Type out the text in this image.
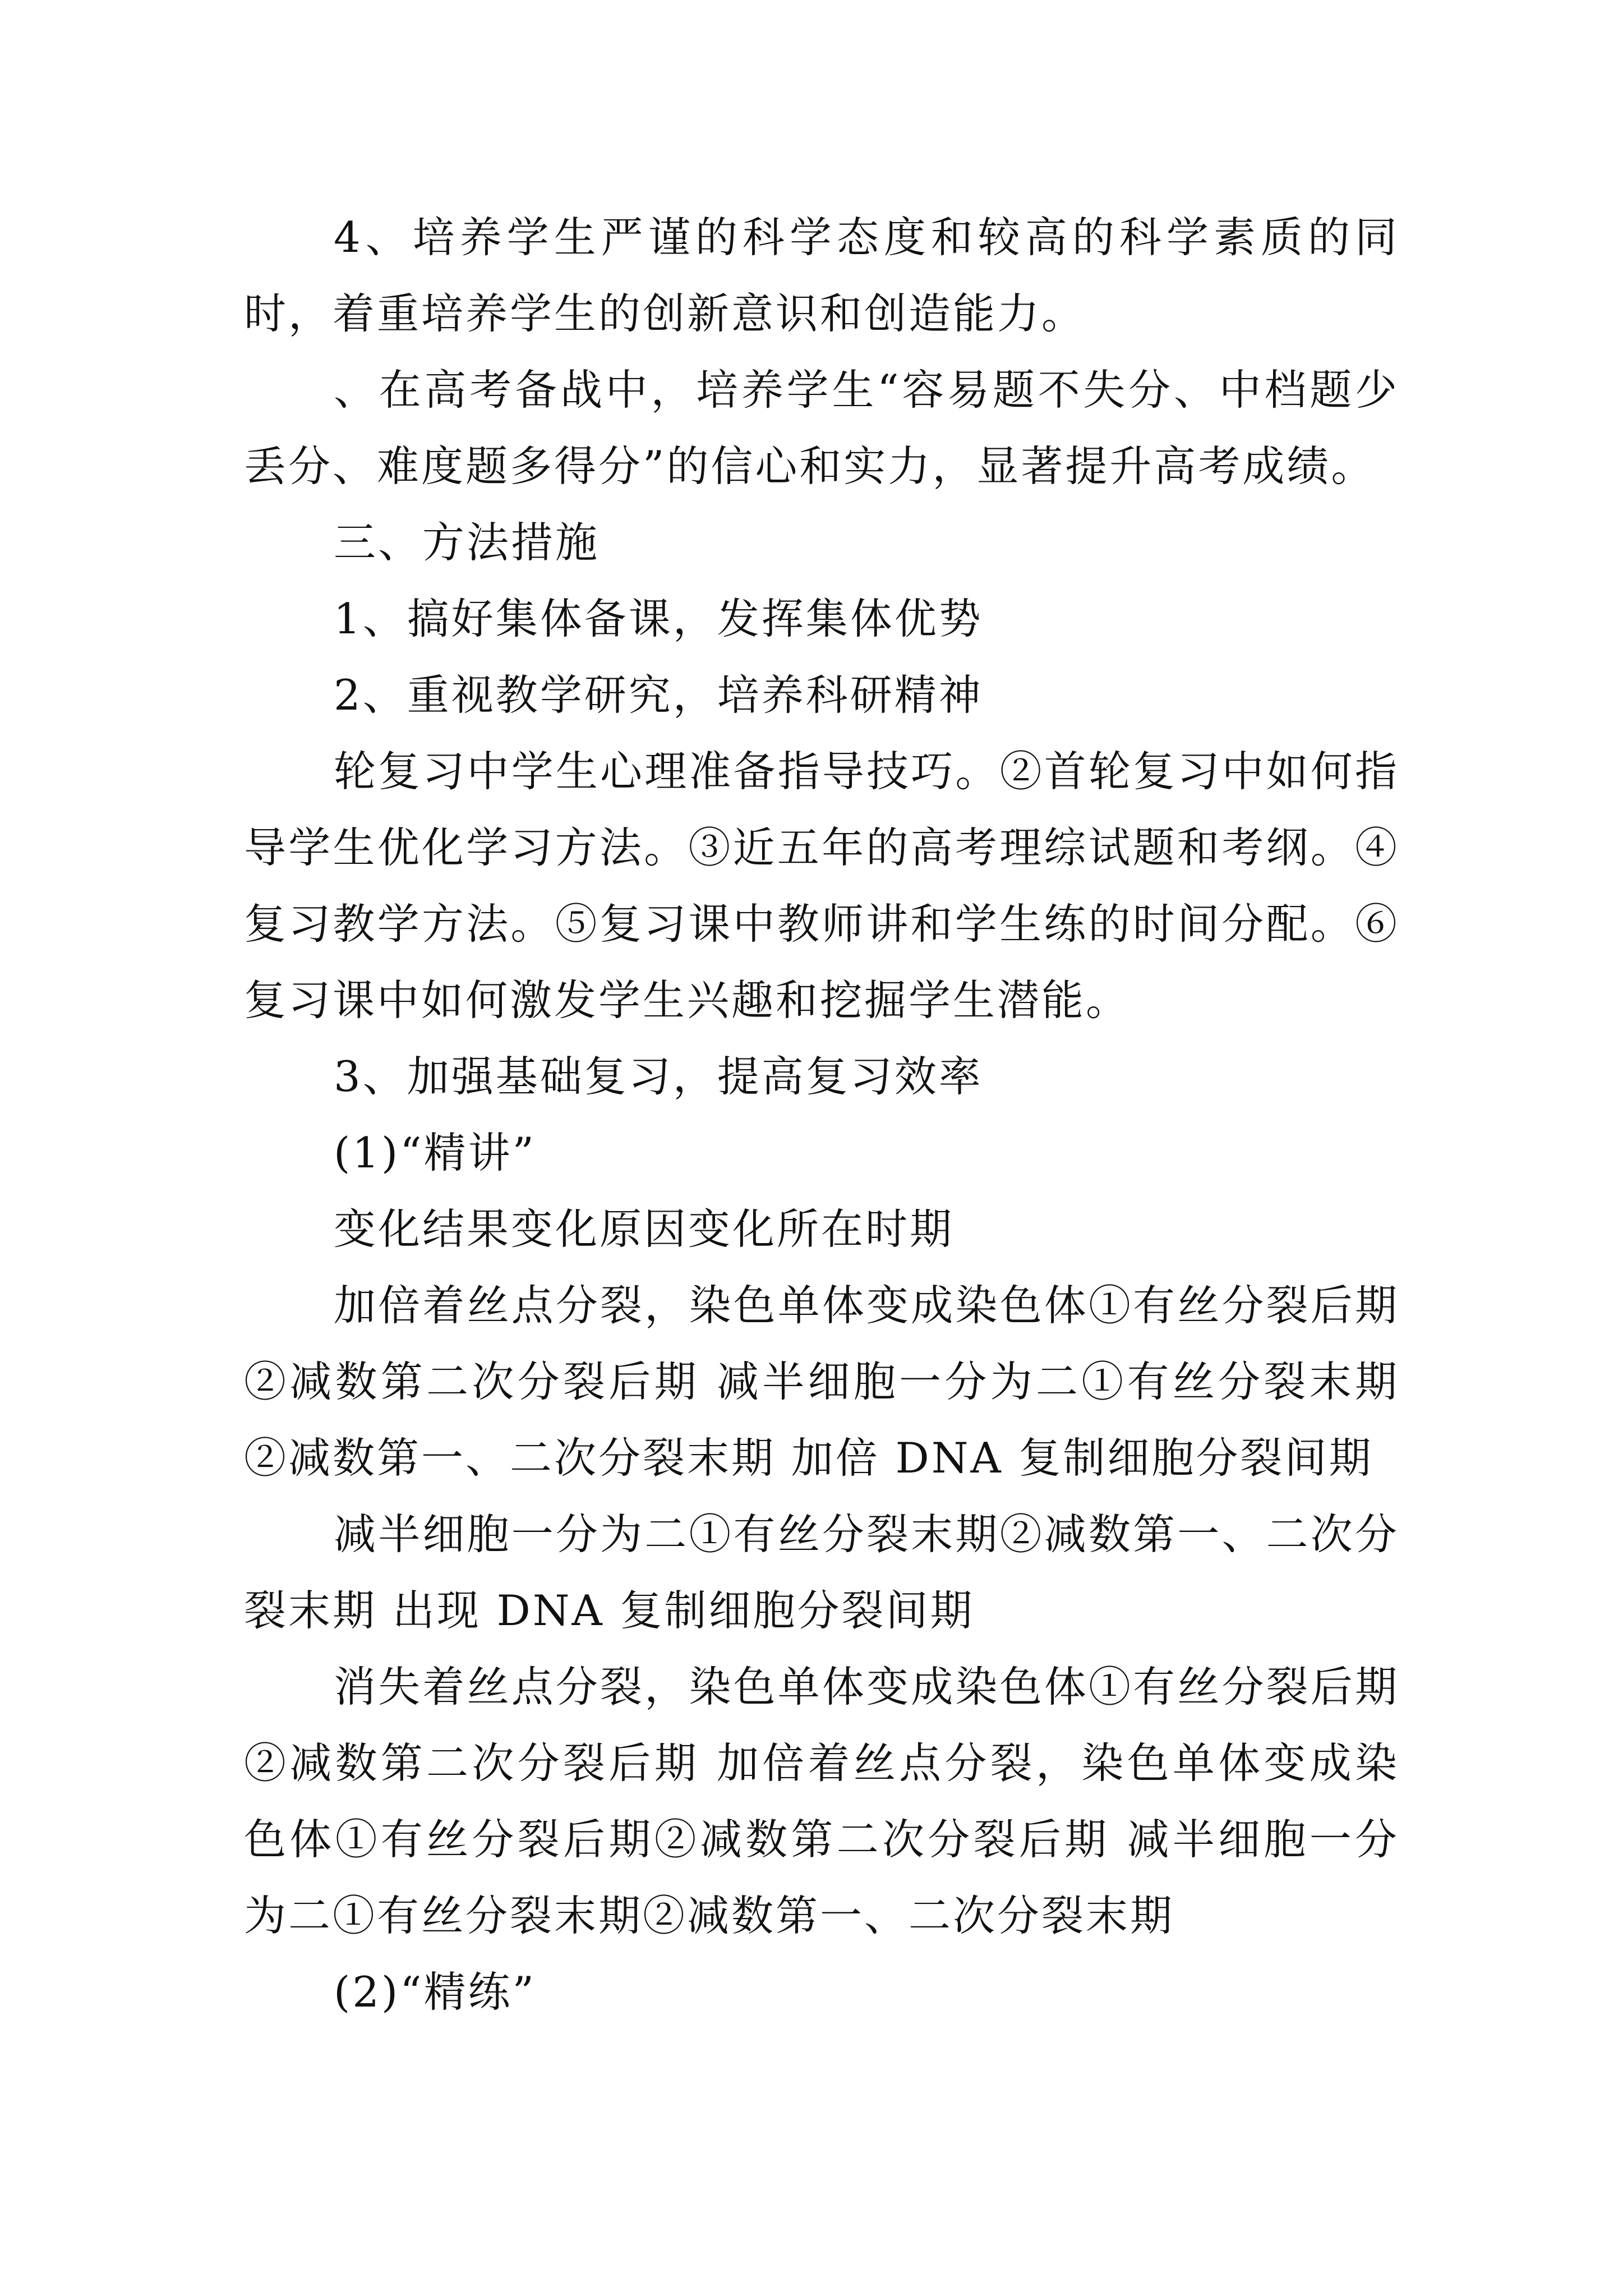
4、培养学生严谨的科学态度和较高的科学素质的同时，着重培养学生的创新意识和创造能力。

、在高考备战中，培养学生“容易题不失分、中档题少丢分、难度题多得分”的信心和实力，显著提升高考成绩。

三、方法措施

1、搞好集体备课，发挥集体优势

2、重视教学研究，培养科研精神

轮复习中学生心理准备指导技巧。②首轮复习中如何指导学生优化学习方法。③近五年的高考理综试题和考纲。④复习教学方法。⑤复习课中教师讲和学生练的时间分配。⑥复习课中如何激发学生兴趣和挖掘学生潜能。

3、加强基础复习，提高复习效率

(1)“精讲”

变化结果变化原因变化所在时期

加倍着丝点分裂，染色单体变成染色体①有丝分裂后期②减数第二次分裂后期 减半细胞一分为二①有丝分裂末期②减数第一、二次分裂末期 加倍 DNA 复制细胞分裂间期

减半细胞一分为二①有丝分裂末期②减数第一、二次分裂末期 出现 DNA 复制细胞分裂间期

消失着丝点分裂，染色单体变成染色体①有丝分裂后期②减数第二次分裂后期 加倍着丝点分裂，染色单体变成染色体①有丝分裂后期②减数第二次分裂后期 减半细胞一分为二①有丝分裂末期②减数第一、二次分裂末期

(2)“精练”
